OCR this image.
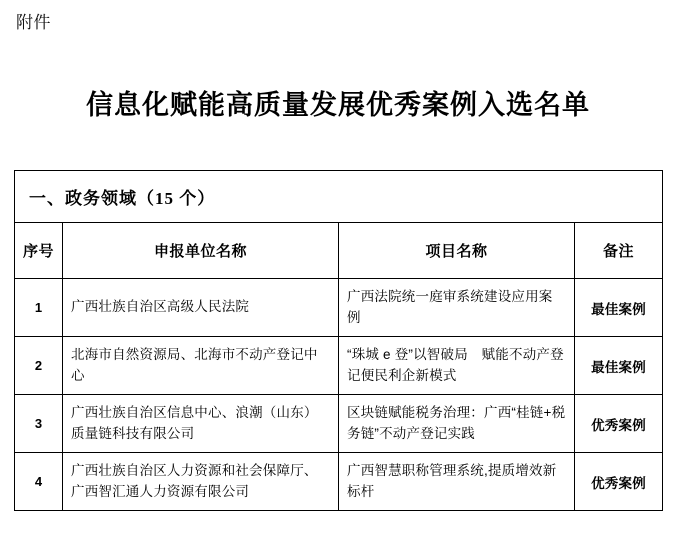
附件
信息化赋能高质量发展优秀案例入选名单
一、政务领域（15 个）			
序号	申报单位名称	项目名称	备注
1	广西壮族自治区高级人民法院	广西法院统一庭审系统建设应用案例	最佳案例
2	北海市自然资源局、北海市不动产登记中心	“珠城 e 登”以智破局　赋能不动产登记便民利企新模式	最佳案例
3	广西壮族自治区信息中心、浪潮（山东）质量链科技有限公司	区块链赋能税务治理：广西“桂链+税务链”不动产登记实践	优秀案例
4	广西壮族自治区人力资源和社会保障厅、广西智汇通人力资源有限公司	广西智慧职称管理系统,提质增效新标杆	优秀案例
